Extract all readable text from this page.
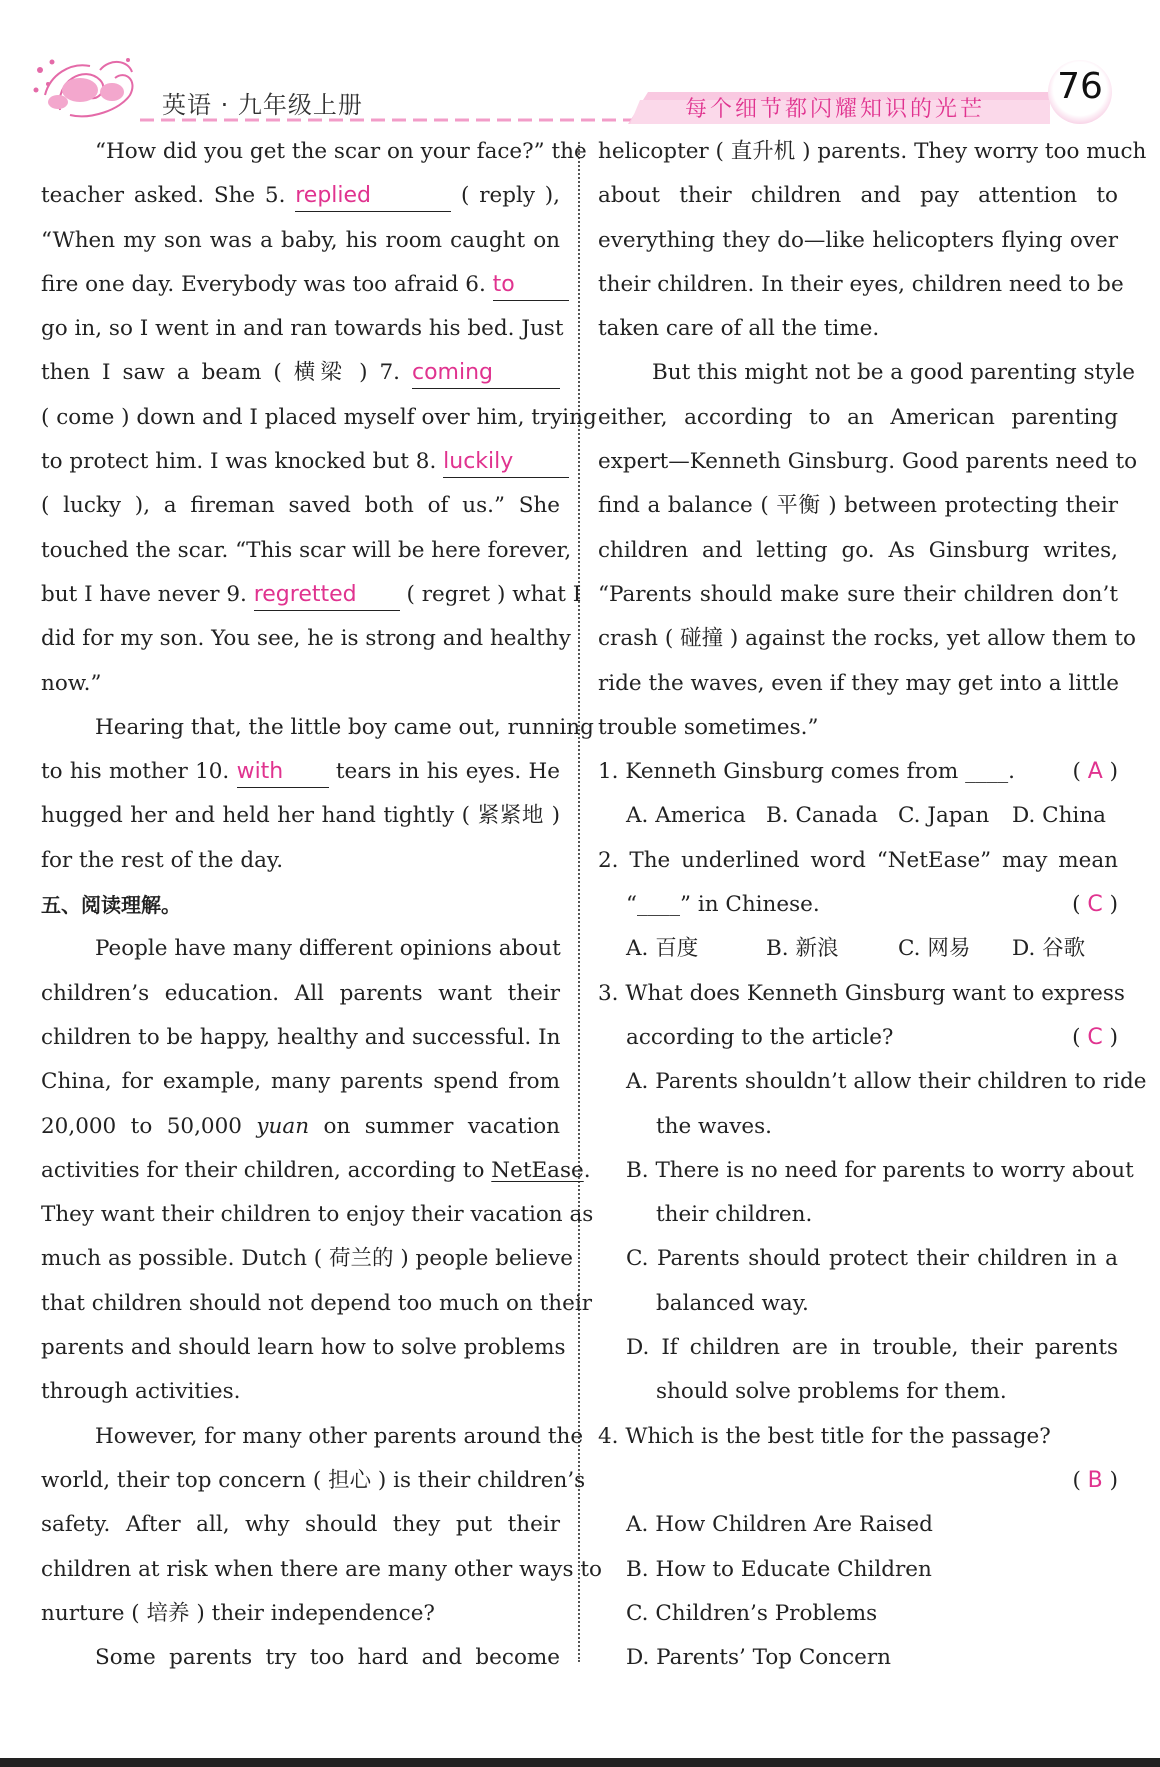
英语 · 九年级上册	每个细节都闪耀知识的光芒
76
“How did you get the scar on your face?” the
teacher asked. She 5. replied	( reply ),
“When my son was a baby, his room caught on
fire one day. Everybody was too afraid 6. to
go in, so I went in and ran towards his bed. Just
then I saw a beam ( 横梁 ) 7. coming
( come ) down and I placed myself over him, trying
to protect him. I was knocked but 8. luckily
( lucky ), a fireman saved both of us.” She
touched the scar. “This scar will be here forever,
but I have never 9. regretted ( regret ) what I
did for my son. You see, he is strong and healthy
now.”
Hearing that, the little boy came out, running
to his mother 10. with tears in his eyes. He
hugged her and held her hand tightly ( 紧紧地 )
for the rest of the day.
五、阅读理解。
People have many different opinions about
children’s education. All parents want their
children to be happy, healthy and successful. In
China, for example, many parents spend from
20,000 to 50,000 yuan on summer vacation
activities for their children, according to NetEase.
They want their children to enjoy their vacation as
much as possible. Dutch ( 荷兰的 ) people believe
that children should not depend too much on their
parents and should learn how to solve problems
through activities.
However, for many other parents around the
world, their top concern ( 担心 ) is their children’s
safety. After all, why should they put their
children at risk when there are many other ways to
nurture ( 培养 ) their independence?
Some parents try too hard and become
helicopter ( 直升机 ) parents. They worry too much
about their children and pay attention to
everything they do—like helicopters flying over
their children. In their eyes, children need to be
taken care of all the time.
But this might not be a good parenting style
either, according to an American parenting
expert—Kenneth Ginsburg. Good parents need to
find a balance ( 平衡 ) between protecting their
children and letting go. As Ginsburg writes,
“Parents should make sure their children don’t
crash ( 碰撞 ) against the rocks, yet allow them to
ride the waves, even if they may get into a little
trouble sometimes.”
1. Kenneth Ginsburg comes from ____.	( A )
A. America B. Canada C. Japan	D. China
2. The underlined word “NetEase” may mean
“____” in Chinese.	( C )
A. 百度	B. 新浪	C. 网易	D. 谷歌
3. What does Kenneth Ginsburg want to express
according to the article?	( C )
A. Parents shouldn’t allow their children to ride
the waves.
B. There is no need for parents to worry about
their children.
C. Parents should protect their children in a
balanced way.
D. If children are in trouble, their parents
should solve problems for them.
4. Which is the best title for the passage?
( B )
A. How Children Are Raised
B. How to Educate Children
C. Children’s Problems
D. Parents’ Top Concern
